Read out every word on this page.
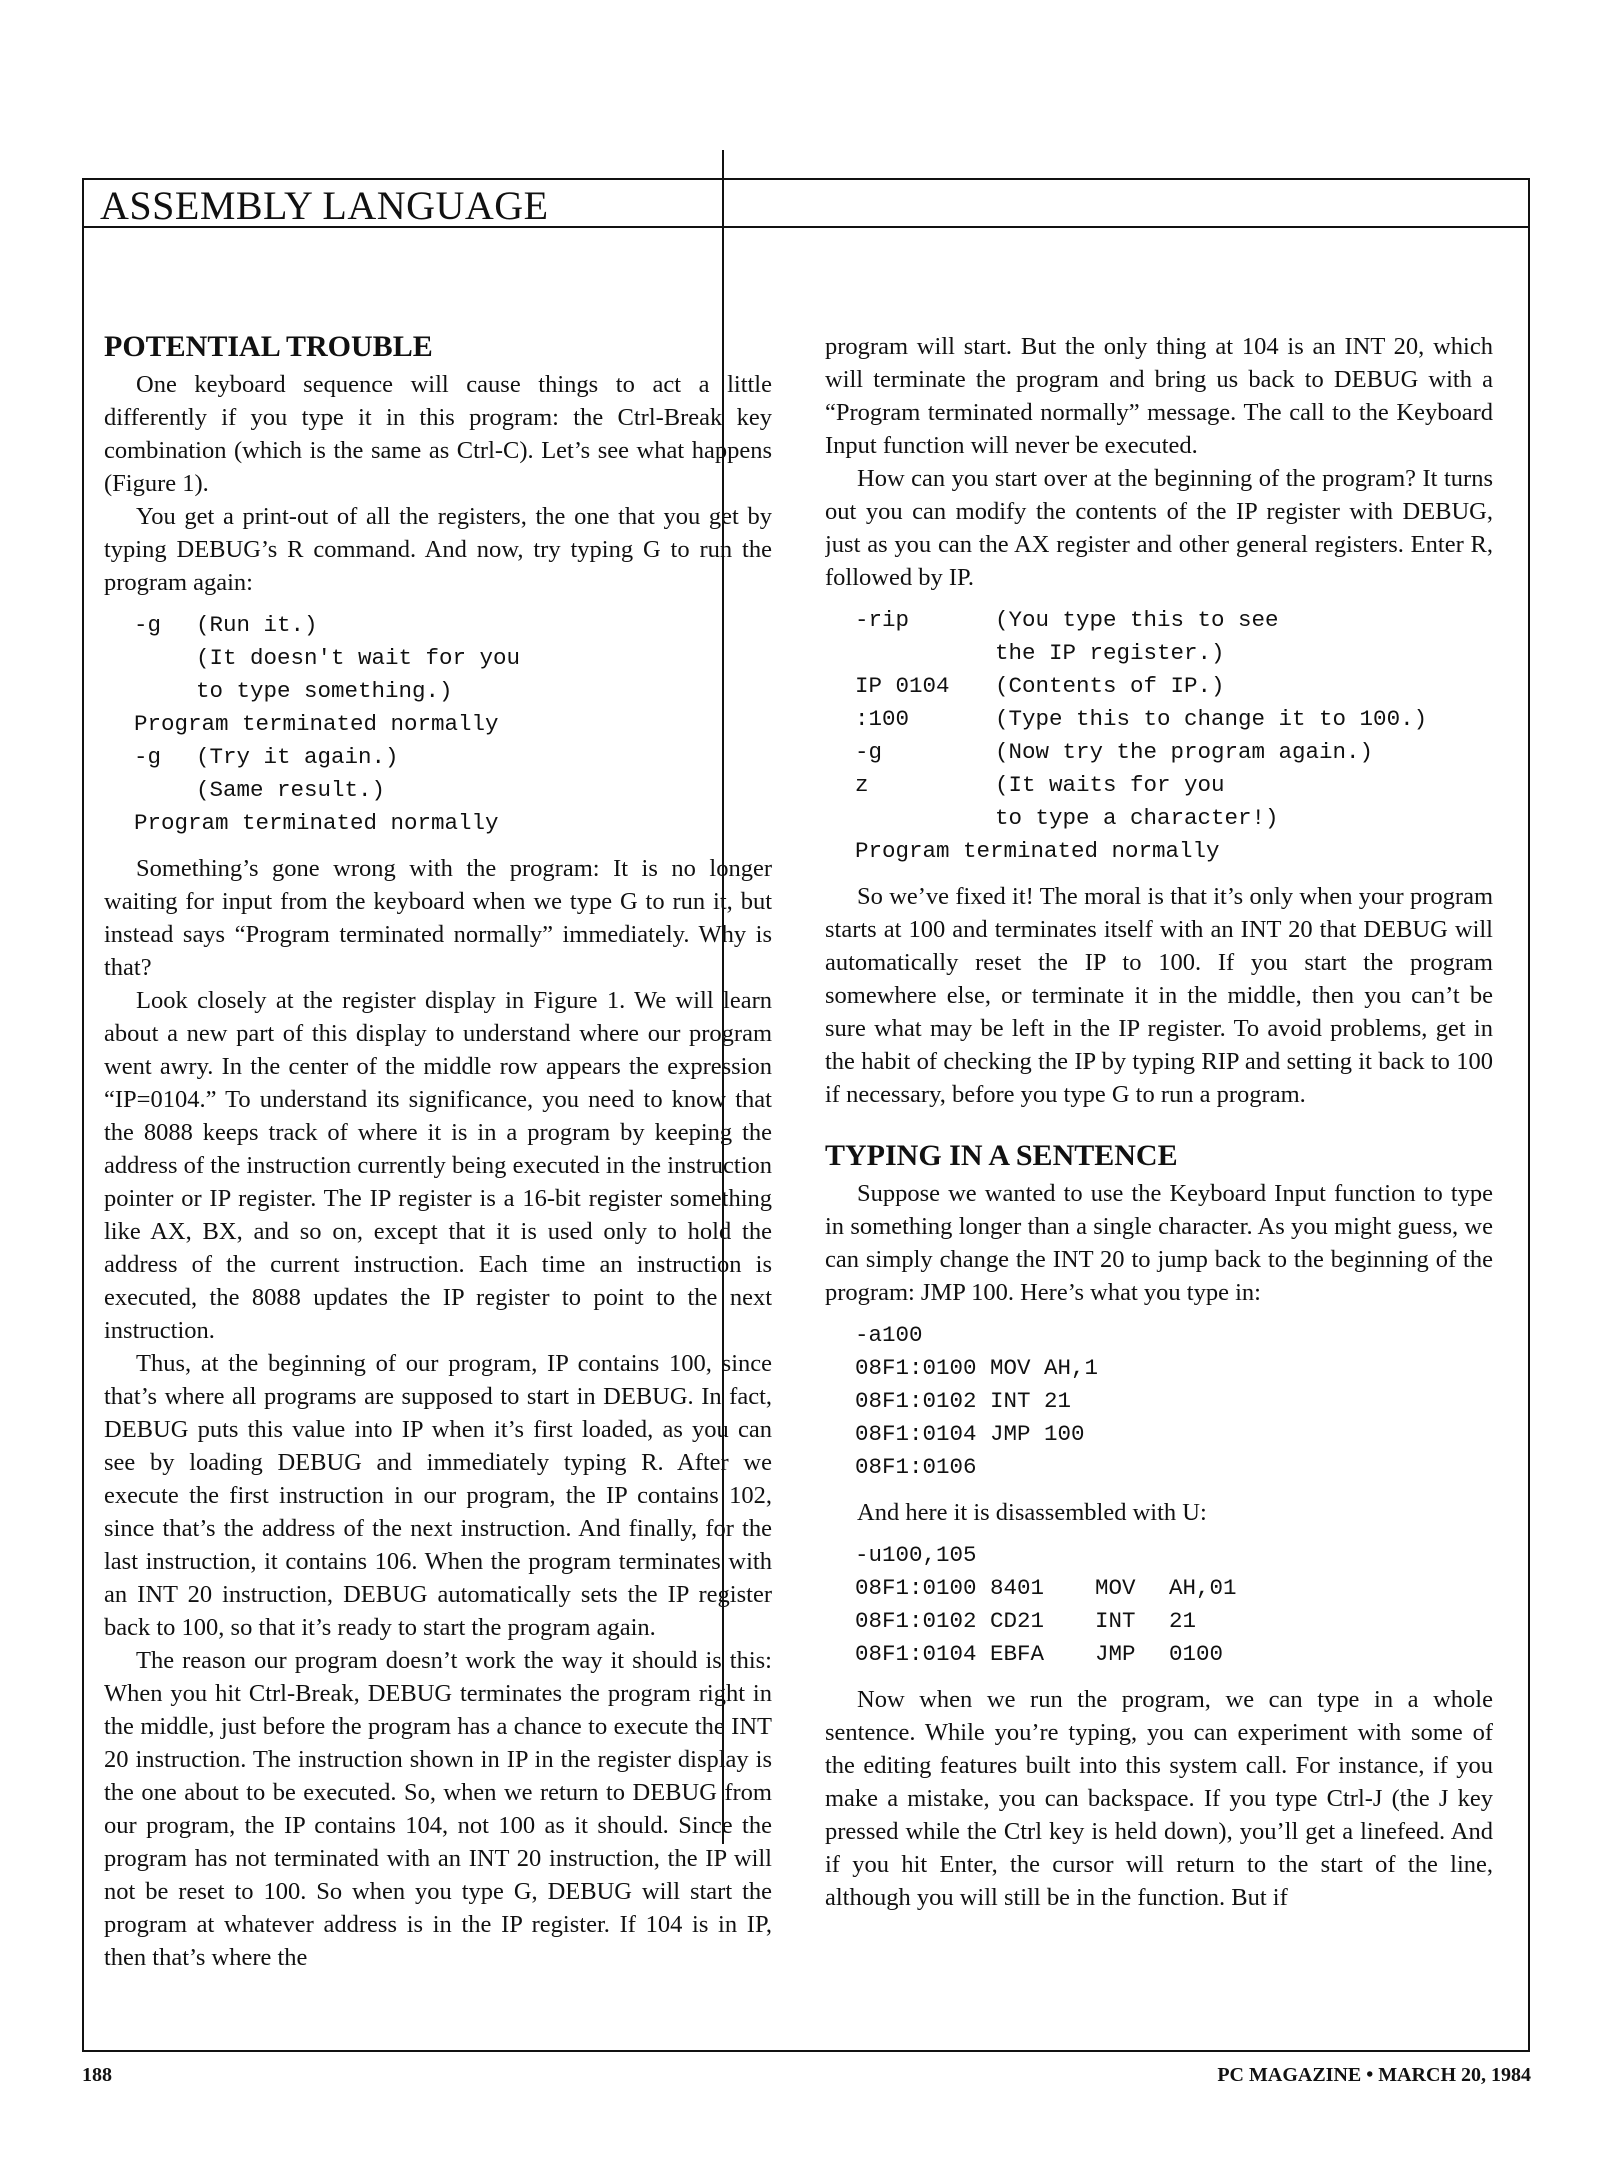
ASSEMBLY LANGUAGE
POTENTIAL TROUBLE

One keyboard sequence will cause things to act a little differently if you type it in this program: the Ctrl-Break key combination (which is the same as Ctrl-C). Let’s see what happens (Figure 1).

You get a print-out of all the registers, the one that you get by typing DEBUG’s R command. And now, try typing G to run the program again:

-g	(Run it.)
(It doesn't wait for you
to type something.)
Program terminated normally
-g	(Try it again.)
(Same result.)
Program terminated normally

Something’s gone wrong with the program: It is no longer waiting for input from the keyboard when we type G to run it, but instead says “Program terminated normally” immediately. Why is that?

Look closely at the register display in Figure 1. We will learn about a new part of this display to understand where our program went awry. In the center of the middle row appears the expression “IP=0104.” To understand its significance, you need to know that the 8088 keeps track of where it is in a program by keeping the address of the instruction currently being executed in the instruction pointer or IP register. The IP register is a 16-bit register something like AX, BX, and so on, except that it is used only to hold the address of the current instruction. Each time an instruction is executed, the 8088 updates the IP register to point to the next instruction.

Thus, at the beginning of our program, IP contains 100, since that’s where all programs are supposed to start in DEBUG. In fact, DEBUG puts this value into IP when it’s first loaded, as you can see by loading DEBUG and immediately typing R. After we execute the first instruction in our program, the IP contains 102, since that’s the address of the next instruction. And finally, for the last instruction, it contains 106. When the program terminates with an INT 20 instruction, DEBUG automatically sets the IP register back to 100, so that it’s ready to start the program again.

The reason our program doesn’t work the way it should is this: When you hit Ctrl-Break, DEBUG terminates the program right in the middle, just before the program has a chance to execute the INT 20 instruction. The instruction shown in IP in the register display is the one about to be executed. So, when we return to DEBUG from our program, the IP contains 104, not 100 as it should. Since the program has not terminated with an INT 20 instruction, the IP will not be reset to 100. So when you type G, DEBUG will start the program at whatever address is in the IP register. If 104 is in IP, then that’s where the

program will start. But the only thing at 104 is an INT 20, which will terminate the program and bring us back to DEBUG with a “Program terminated normally” message. The call to the Keyboard Input function will never be executed.

How can you start over at the beginning of the program? It turns out you can modify the contents of the IP register with DEBUG, just as you can the AX register and other general registers. Enter R, followed by IP.

-rip	(You type this to see
the IP register.)
IP 0104	(Contents of IP.)
:100	(Type this to change it to 100.)
-g	(Now try the program again.)
z	(It waits for you
to type a character!)
Program terminated normally

So we’ve fixed it! The moral is that it’s only when your program starts at 100 and terminates itself with an INT 20 that DEBUG will automatically reset the IP to 100. If you start the program somewhere else, or terminate it in the middle, then you can’t be sure what may be left in the IP register. To avoid problems, get in the habit of checking the IP by typing RIP and setting it back to 100 if necessary, before you type G to run a program.

TYPING IN A SENTENCE

Suppose we wanted to use the Keyboard Input function to type in something longer than a single character. As you might guess, we can simply change the INT 20 to jump back to the beginning of the program: JMP 100. Here’s what you type in:

-a100
08F1:0100 MOV AH,1
08F1:0102 INT 21
08F1:0104 JMP 100
08F1:0106

And here it is disassembled with U:

-u100,105
08F1:0100 8401	MOV	AH,01
08F1:0102 CD21	INT	21
08F1:0104 EBFA	JMP	0100

Now when we run the program, we can type in a whole sentence. While you’re typing, you can experiment with some of the editing features built into this system call. For instance, if you make a mistake, you can backspace. If you type Ctrl-J (the J key pressed while the Ctrl key is held down), you’ll get a linefeed. And if you hit Enter, the cursor will return to the start of the line, although you will still be in the function. But if

188	PC MAGAZINE • MARCH 20, 1984
